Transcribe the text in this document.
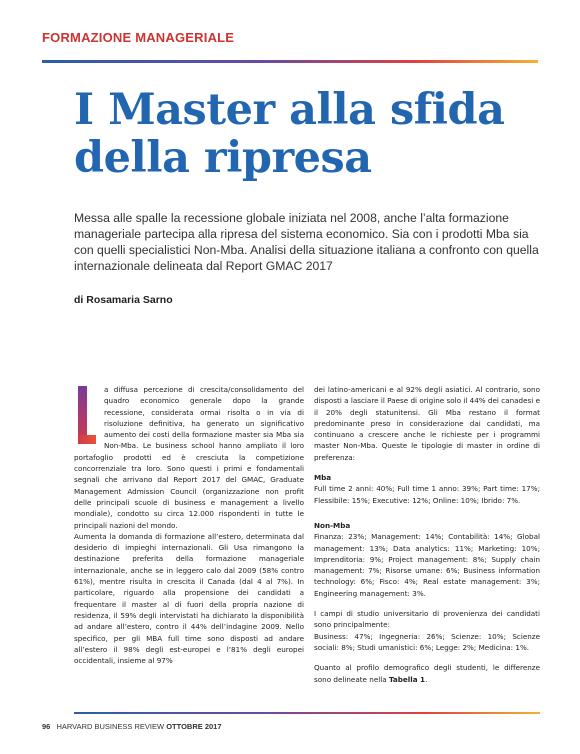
FORMAZIONE MANAGERIALE
I Master alla sfida
della ripresa

Messa alle spalle la recessione globale iniziata nel 2008, anche l’alta formazione manageriale partecipa alla ripresa del sistema economico. Sia con i prodotti Mba sia con quelli specialistici Non-Mba. Analisi della situazione italiana a confronto con quella internazionale delineata dal Report GMAC 2017

di Rosamaria Sarno

a diffusa percezione di crescita/consolidamento del quadro economico generale dopo la grande recessione, considerata ormai risolta o in via di risoluzione definitiva, ha generato un significativo aumento dei costi della formazione master sia Mba sia Non-Mba. Le business school hanno ampliato il loro portafoglio prodotti ed è cresciuta la competizione concorrenziale tra loro. Sono questi i primi e fondamentali segnali che arrivano dal Report 2017 del GMAC, Graduate Management Admission Council (organizzazione non profit delle principali scuole di business e management a livello mondiale), condotto su circa 12.000 rispondenti in tutte le principali nazioni del mondo.

Aumenta la domanda di formazione all’estero, determinata dal desiderio di impieghi internazionali. Gli Usa rimangono la destinazione preferita della formazione manageriale internazionale, anche se in leggero calo dal 2009 (58% contro 61%), mentre risulta in crescita il Canada (dal 4 al 7%). In particolare, riguardo alla propensione dei candidati a frequentare il master al di fuori della propria nazione di residenza, il 59% degli intervistati ha dichiarato la disponibilità ad andare all’estero, contro il 44% dell’indagine 2009. Nello specifico, per gli MBA full time sono disposti ad andare all’estero il 98% degli est-europei e l’81% degli europei occidentali, insieme al 97%

dei latino-americani e al 92% degli asiatici. Al contrario, sono disposti a lasciare il Paese di origine solo il 44% dei canadesi e il 20% degli statunitensi. Gli Mba restano il format predominante preso in considerazione dai candidati, ma continuano a crescere anche le richieste per i programmi master Non-Mba. Queste le tipologie di master in ordine di preferenza:

Mba

Full time 2 anni: 40%; Full time 1 anno: 39%; Part time: 17%; Flessibile: 15%; Executive: 12%; Online: 10%; Ibrido: 7%.

Non-Mba

Finanza: 23%; Management: 14%; Contabilità: 14%; Global management: 13%; Data analytics: 11%; Marketing: 10%; Imprenditoria: 9%; Project management: 8%; Supply chain management: 7%; Risorse umane: 6%; Business information technology: 6%; Fisco: 4%; Real estate management: 3%; Engineering management: 3%.

I campi di studio universitario di provenienza dei candidati sono principalmente:

Business: 47%; Ingegneria: 26%; Scienze: 10%; Scienze sociali: 8%; Studi umanistici: 6%; Legge: 2%; Medicina: 1%.

Quanto al profilo demografico degli studenti, le differenze sono delineate nella Tabella 1.

96 HARVARD BUSINESS REVIEW OTTOBRE 2017
